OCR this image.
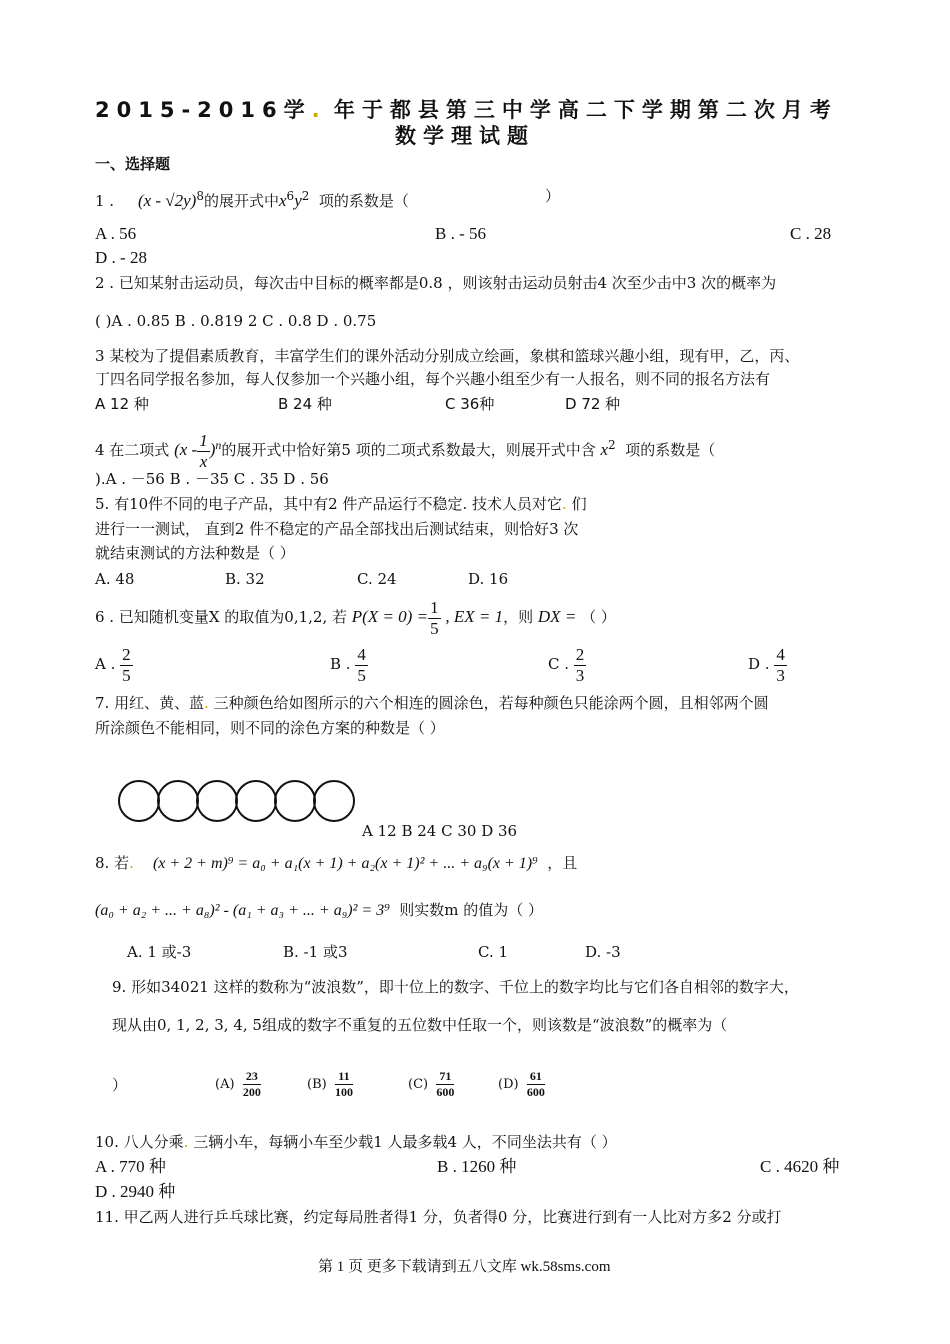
2015-2016学. 年于都县第三中学高二下学期第二次月考
数学理试题
一、选择题
1 . (x - √2y)$^8$的展开式中$x^6y^2$ 项的系数是（	）
A . 56	B . - 56	C . 28
D . - 28
2 . 已知某射击运动员，每次击中目标的概率都是0.8 ，则该射击运动员射击4 次至少击中3 次的概率为
( )A . 0.85 B . 0.819 2 C . 0.8 D . 0.75
3 某校为了提倡素质教育，丰富学生们的课外活动分别成立绘画，象棋和篮球兴趣小组，现有甲，乙，丙、
丁四名同学报名参加，每人仅参加一个兴趣小组，每个兴趣小组至少有一人报名，则不同的报名方法有
A 12 种	B 24 种	C 36种	D 72 种
4 在二项式 $(x - \frac{1}{x} )^n$的展开式中恰好第5 项的二项式系数最大，则展开式中含 $x^2$ 项的系数是（
).A . －56 B . －35 C . 35 D . 56
5. 有10件不同的电子产品，其中有2 件产品运行不稳定. 技术人员对它. 们
进行一一测试， 直到2 件不稳定的产品全部找出后测试结束，则恰好3 次
就结束测试的方法种数是（ ）
A. 48	B. 32	C. 24	D. 16
6 . 已知随机变量X 的取值为0,1,2, 若 $P(X = 0) = \frac{1}{5}$ , EX = 1，则 DX = （ ）
A . $\frac{2}{5}$	B . $\frac{4}{5}$	C . $\frac{2}{3}$	D . $\frac{4}{3}$
7. 用红、黄、蓝. 三种颜色给如图所示的六个相连的圆涂色，若每种颜色只能涂两个圆，且相邻两个圆
所涂颜色不能相同，则不同的涂色方案的种数是（ ）
A 12 B 24 C 30 D 36
8. 若. (x + 2 + m)⁹ = a₀ + a₁(x + 1) + a₂(x + 1)² + ... + a₉(x + 1)⁹ ，且
(a₀ + a₂ + ... + a₈)² - (a₁ + a₃ + ... + a₉)² = 3⁹ 则实数m 的值为（ ）
A. 1 或-3	B. -1 或3	C. 1	D. -3
9. 形如34021 这样的数称为“波浪数”，即十位上的数字、千位上的数字均比与它们各自相邻的数字大，
现从由0, 1, 2, 3, 4, 5组成的数字不重复的五位数中任取一个，则该数是“波浪数”的概率为（
）	$(A) \frac{23}{200}$	$(B) \frac{11}{100}$	$(C) \frac{71}{600}$	$(D) \frac{61}{600}$
10. 八人分乘. 三辆小车，每辆小车至少载1 人最多载4 人，不同坐法共有（ ）
A . 770 种	B . 1260 种	C . 4620 种
D . 2940 种
11. 甲乙两人进行乒乓球比赛，约定每局胜者得1 分，负者得0 分，比赛进行到有一人比对方多2 分或打
第 1 页 更多下载请到五八文库 wk.58sms.com
